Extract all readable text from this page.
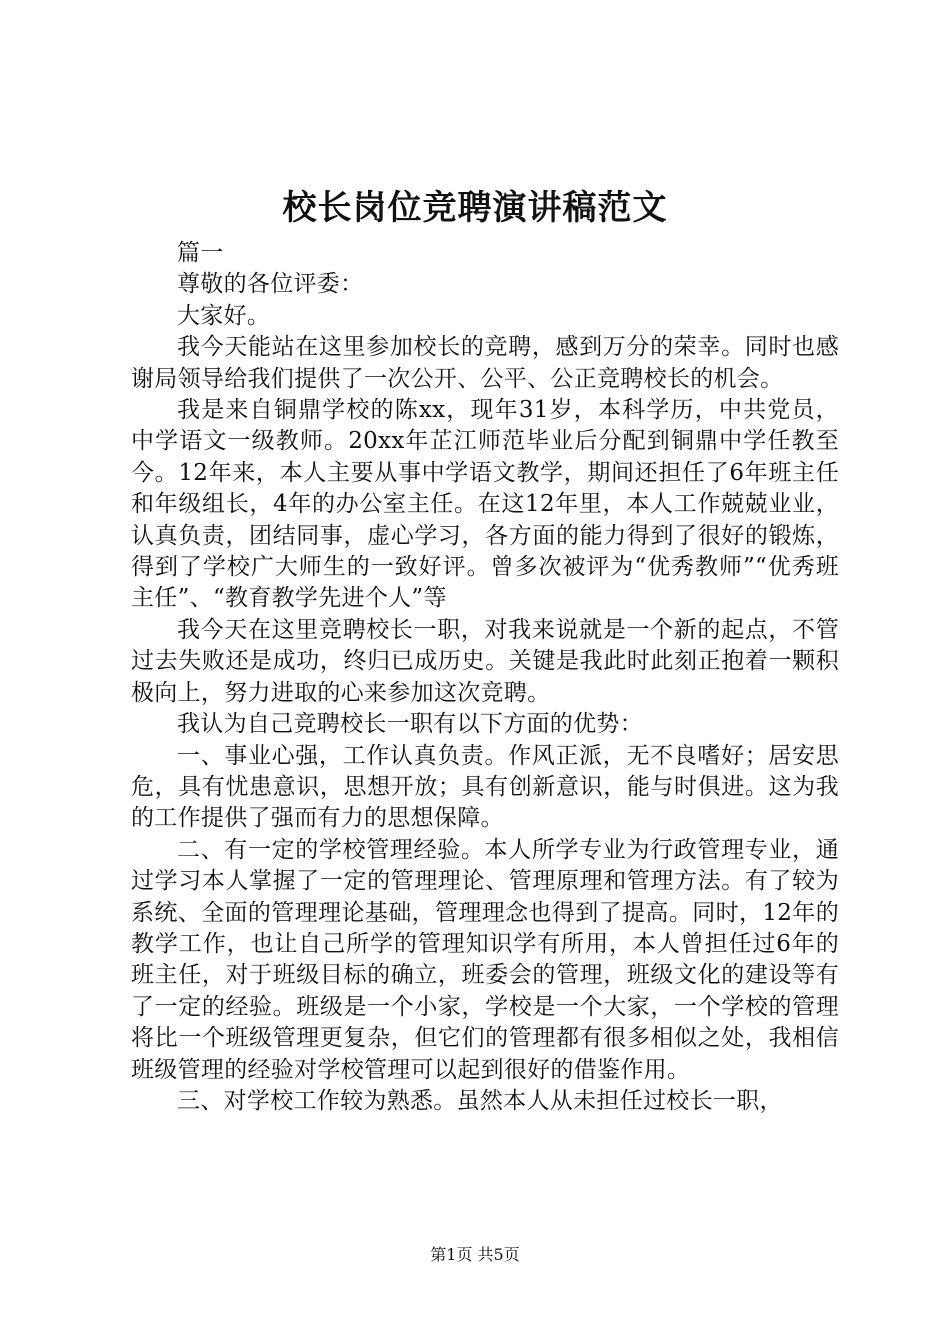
校长岗位竞聘演讲稿范文

篇一

尊敬的各位评委：

大家好。

我今天能站在这里参加校长的竞聘，感到万分的荣幸。同时也感谢局领导给我们提供了一次公开、公平、公正竞聘校长的机会。

我是来自铜鼎学校的陈xx，现年31岁，本科学历，中共党员，中学语文一级教师。20xx年芷江师范毕业后分配到铜鼎中学任教至今。12年来，本人主要从事中学语文教学，期间还担任了6年班主任和年级组长，4年的办公室主任。在这12年里，本人工作兢兢业业，认真负责，团结同事，虚心学习，各方面的能力得到了很好的锻炼，得到了学校广大师生的一致好评。曾多次被评为“优秀教师”“优秀班主任”、“教育教学先进个人”等

我今天在这里竞聘校长一职，对我来说就是一个新的起点，不管过去失败还是成功，终归已成历史。关键是我此时此刻正抱着一颗积极向上，努力进取的心来参加这次竞聘。

我认为自己竞聘校长一职有以下方面的优势：

一、事业心强，工作认真负责。作风正派，无不良嗜好；居安思危，具有忧患意识，思想开放；具有创新意识，能与时俱进。这为我的工作提供了强而有力的思想保障。

二、有一定的学校管理经验。本人所学专业为行政管理专业，通过学习本人掌握了一定的管理理论、管理原理和管理方法。有了较为系统、全面的管理理论基础，管理理念也得到了提高。同时，12年的教学工作，也让自己所学的管理知识学有所用，本人曾担任过6年的班主任，对于班级目标的确立，班委会的管理，班级文化的建设等有了一定的经验。班级是一个小家，学校是一个大家，一个学校的管理将比一个班级管理更复杂，但它们的管理都有很多相似之处，我相信班级管理的经验对学校管理可以起到很好的借鉴作用。

三、对学校工作较为熟悉。虽然本人从未担任过校长一职，

第1页 共5页
